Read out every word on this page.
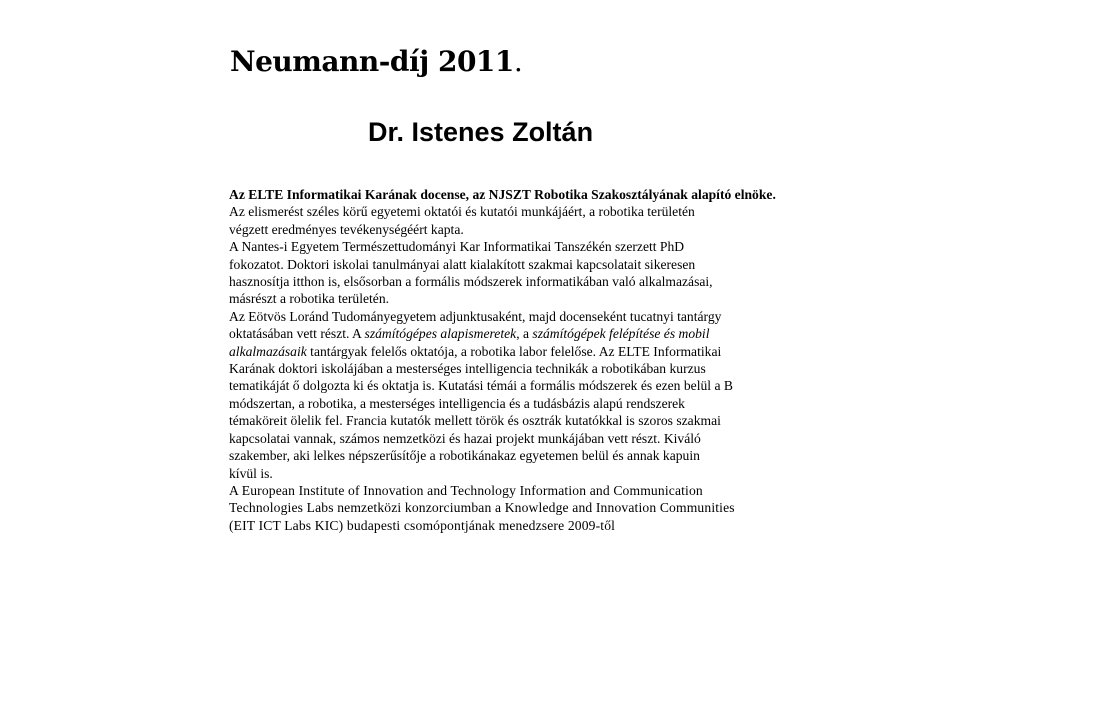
Neumann-díj 2011.
Dr. Istenes Zoltán
Az ELTE Informatikai Karának docense, az NJSZT Robotika Szakosztályának alapító elnöke.
Az elismerést széles körű egyetemi oktatói és kutatói munkájáért, a robotika területén
végzett eredményes tevékenységéért kapta.
A Nantes-i Egyetem Természettudományi Kar Informatikai Tanszékén szerzett PhD
fokozatot. Doktori iskolai tanulmányai alatt kialakított szakmai kapcsolatait sikeresen
hasznosítja itthon is, elsősorban a formális módszerek informatikában való alkalmazásai,
másrészt a robotika területén.
Az Eötvös Loránd Tudományegyetem adjunktusaként, majd docenseként tucatnyi tantárgy
oktatásában vett részt. A számítógépes alapismeretek, a számítógépek felépítése és mobil
alkalmazásaik tantárgyak felelős oktatója, a robotika labor felelőse. Az ELTE Informatikai
Karának doktori iskolájában a mesterséges intelligencia technikák a robotikában kurzus
tematikáját ő dolgozta ki és oktatja is. Kutatási témái a formális módszerek és ezen belül a B
módszertan, a robotika, a mesterséges intelligencia és a tudásbázis alapú rendszerek
témaköreit ölelik fel. Francia kutatók mellett török és osztrák kutatókkal is szoros szakmai
kapcsolatai vannak, számos nemzetközi és hazai projekt munkájában vett részt. Kiváló
szakember, aki lelkes népszerűsítője a robotikánakaz egyetemen belül és annak kapuin
kívül is.
A European Institute of Innovation and Technology Information and Communication
Technologies Labs nemzetközi konzorciumban a Knowledge and Innovation Communities
(EIT ICT Labs KIC) budapesti csomópontjának menedzsere 2009-től
